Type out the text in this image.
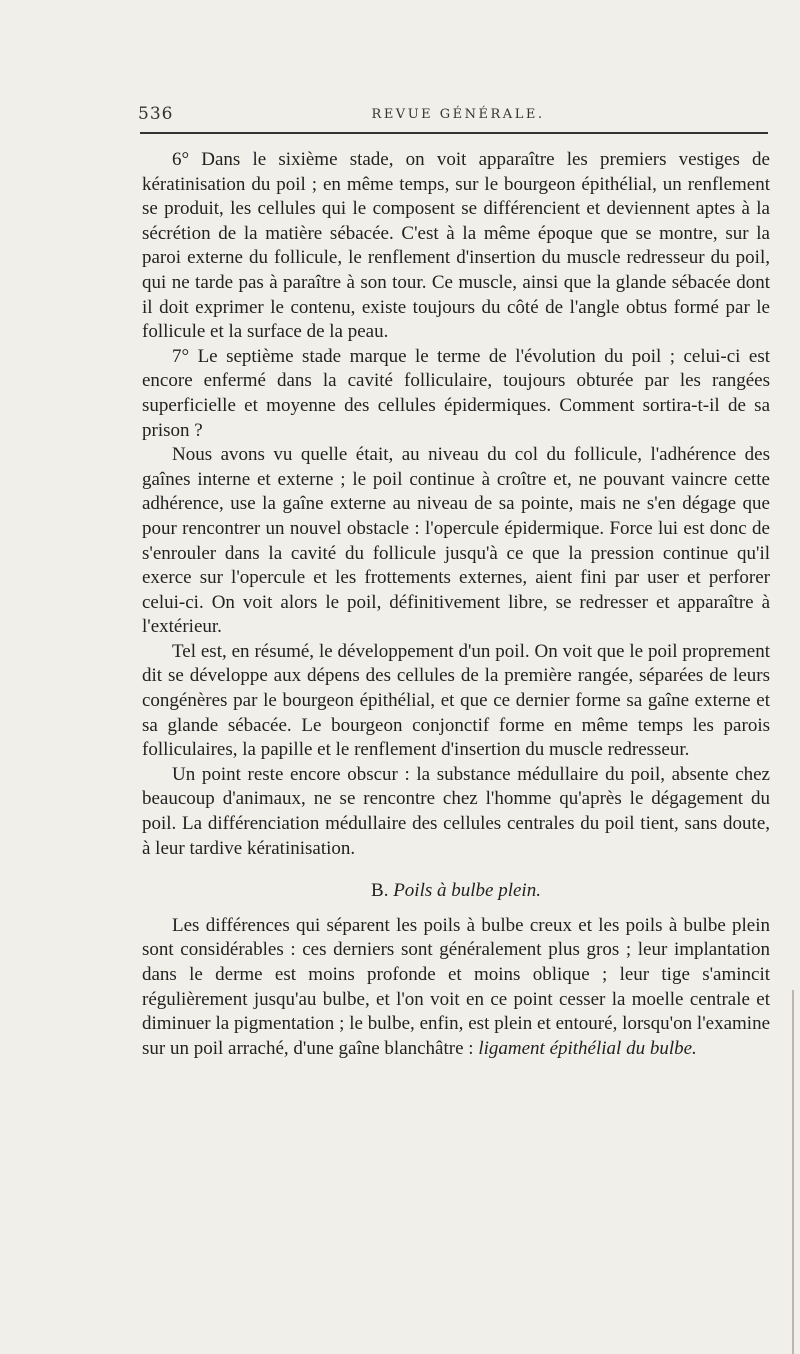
536	REVUE GÉNÉRALE.

6° Dans le sixième stade, on voit apparaître les premiers vestiges de kératinisation du poil ; en même temps, sur le bourgeon épithélial, un renflement se produit, les cellules qui le composent se différencient et deviennent aptes à la sécrétion de la matière sébacée. C'est à la même époque que se montre, sur la paroi externe du follicule, le renflement d'insertion du muscle redresseur du poil, qui ne tarde pas à paraître à son tour. Ce muscle, ainsi que la glande sébacée dont il doit exprimer le contenu, existe toujours du côté de l'angle obtus formé par le follicule et la surface de la peau.

7° Le septième stade marque le terme de l'évolution du poil ; celui-ci est encore enfermé dans la cavité folliculaire, toujours obturée par les rangées superficielle et moyenne des cellules épidermiques. Comment sortira-t-il de sa prison ?

Nous avons vu quelle était, au niveau du col du follicule, l'adhérence des gaînes interne et externe ; le poil continue à croître et, ne pouvant vaincre cette adhérence, use la gaîne externe au niveau de sa pointe, mais ne s'en dégage que pour rencontrer un nouvel obstacle : l'opercule épidermique. Force lui est donc de s'enrouler dans la cavité du follicule jusqu'à ce que la pression continue qu'il exerce sur l'opercule et les frottements externes, aient fini par user et perforer celui-ci. On voit alors le poil, définitivement libre, se redresser et apparaître à l'extérieur.

Tel est, en résumé, le développement d'un poil. On voit que le poil proprement dit se développe aux dépens des cellules de la première rangée, séparées de leurs congénères par le bourgeon épithélial, et que ce dernier forme sa gaîne externe et sa glande sébacée. Le bourgeon conjonctif forme en même temps les parois folliculaires, la papille et le renflement d'insertion du muscle redresseur.

Un point reste encore obscur : la substance médullaire du poil, absente chez beaucoup d'animaux, ne se rencontre chez l'homme qu'après le dégagement du poil. La différenciation médullaire des cellules centrales du poil tient, sans doute, à leur tardive kératinisation.

B. Poils à bulbe plein.

Les différences qui séparent les poils à bulbe creux et les poils à bulbe plein sont considérables : ces derniers sont généralement plus gros ; leur implantation dans le derme est moins profonde et moins oblique ; leur tige s'amincit régulièrement jusqu'au bulbe, et l'on voit en ce point cesser la moelle centrale et diminuer la pigmentation ; le bulbe, enfin, est plein et entouré, lorsqu'on l'examine sur un poil arraché, d'une gaîne blanchâtre : ligament épithélial du bulbe.
